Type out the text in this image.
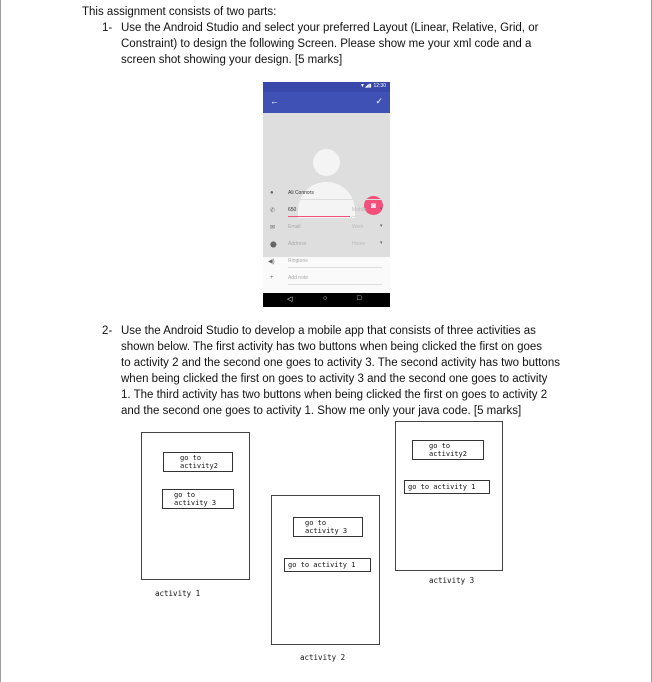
This assignment consists of two parts:
1- Use the Android Studio and select your preferred Layout (Linear, Relative, Grid, or
Constraint) to design the following Screen. Please show me your xml code and a
screen shot showing your design. [5 marks]
▼◢▮ 12:30
←	✓
◙
●	Ali Connors
✆	650	Mobile	▾
✉	Email	Work	▾
⬤ Address	Home	▾
◀)	Ringtone
+	Add note
◁	○	□
2- Use the Android Studio to develop a mobile app that consists of three activities as
shown below. The first activity has two buttons when being clicked the first on goes
to activity 2 and the second one goes to activity 3. The second activity has two buttons
when being clicked the first on goes to activity 3 and the second one goes to activity
1. The third activity has two buttons when being clicked the first on goes to activity 2
and the second one goes to activity 1. Show me only your java code. [5 marks]
go to
activity2
go to
activity 3
activity 1
go to
activity 3
go to activity 1
activity 2
go to
activity2
go to activity 1
activity 3
